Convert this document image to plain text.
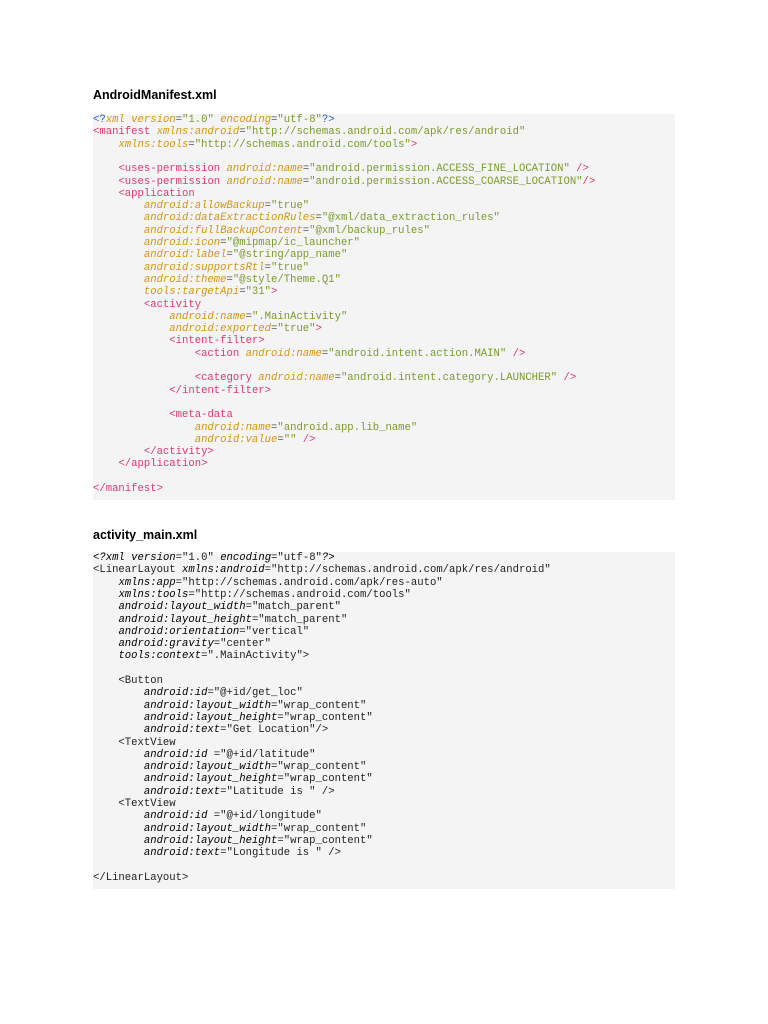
AndroidManifest.xml
<?xml version="1.0" encoding="utf-8"?>
<manifest xmlns:android="http://schemas.android.com/apk/res/android"
xmlns:tools="http://schemas.android.com/tools">
<uses-permission android:name="android.permission.ACCESS_FINE_LOCATION" />
<uses-permission android:name="android.permission.ACCESS_COARSE_LOCATION"/>
<application
android:allowBackup="true"
android:dataExtractionRules="@xml/data_extraction_rules"
android:fullBackupContent="@xml/backup_rules"
android:icon="@mipmap/ic_launcher"
android:label="@string/app_name"
android:supportsRtl="true"
android:theme="@style/Theme.Q1"
tools:targetApi="31">
<activity
android:name=".MainActivity"
android:exported="true">
<intent-filter>
<action android:name="android.intent.action.MAIN" />
<category android:name="android.intent.category.LAUNCHER" />
</intent-filter>
<meta-data
android:name="android.app.lib_name"
android:value="" />
</activity>
</application>
</manifest>
activity_main.xml
<?xml version="1.0" encoding="utf-8"?>
<LinearLayout xmlns:android="http://schemas.android.com/apk/res/android"
xmlns:app="http://schemas.android.com/apk/res-auto"
xmlns:tools="http://schemas.android.com/tools"
android:layout_width="match_parent"
android:layout_height="match_parent"
android:orientation="vertical"
android:gravity="center"
tools:context=".MainActivity">
<Button
android:id="@+id/get_loc"
android:layout_width="wrap_content"
android:layout_height="wrap_content"
android:text="Get Location"/>
<TextView
android:id ="@+id/latitude"
android:layout_width="wrap_content"
android:layout_height="wrap_content"
android:text="Latitude is " />
<TextView
android:id ="@+id/longitude"
android:layout_width="wrap_content"
android:layout_height="wrap_content"
android:text="Longitude is " />
</LinearLayout>
